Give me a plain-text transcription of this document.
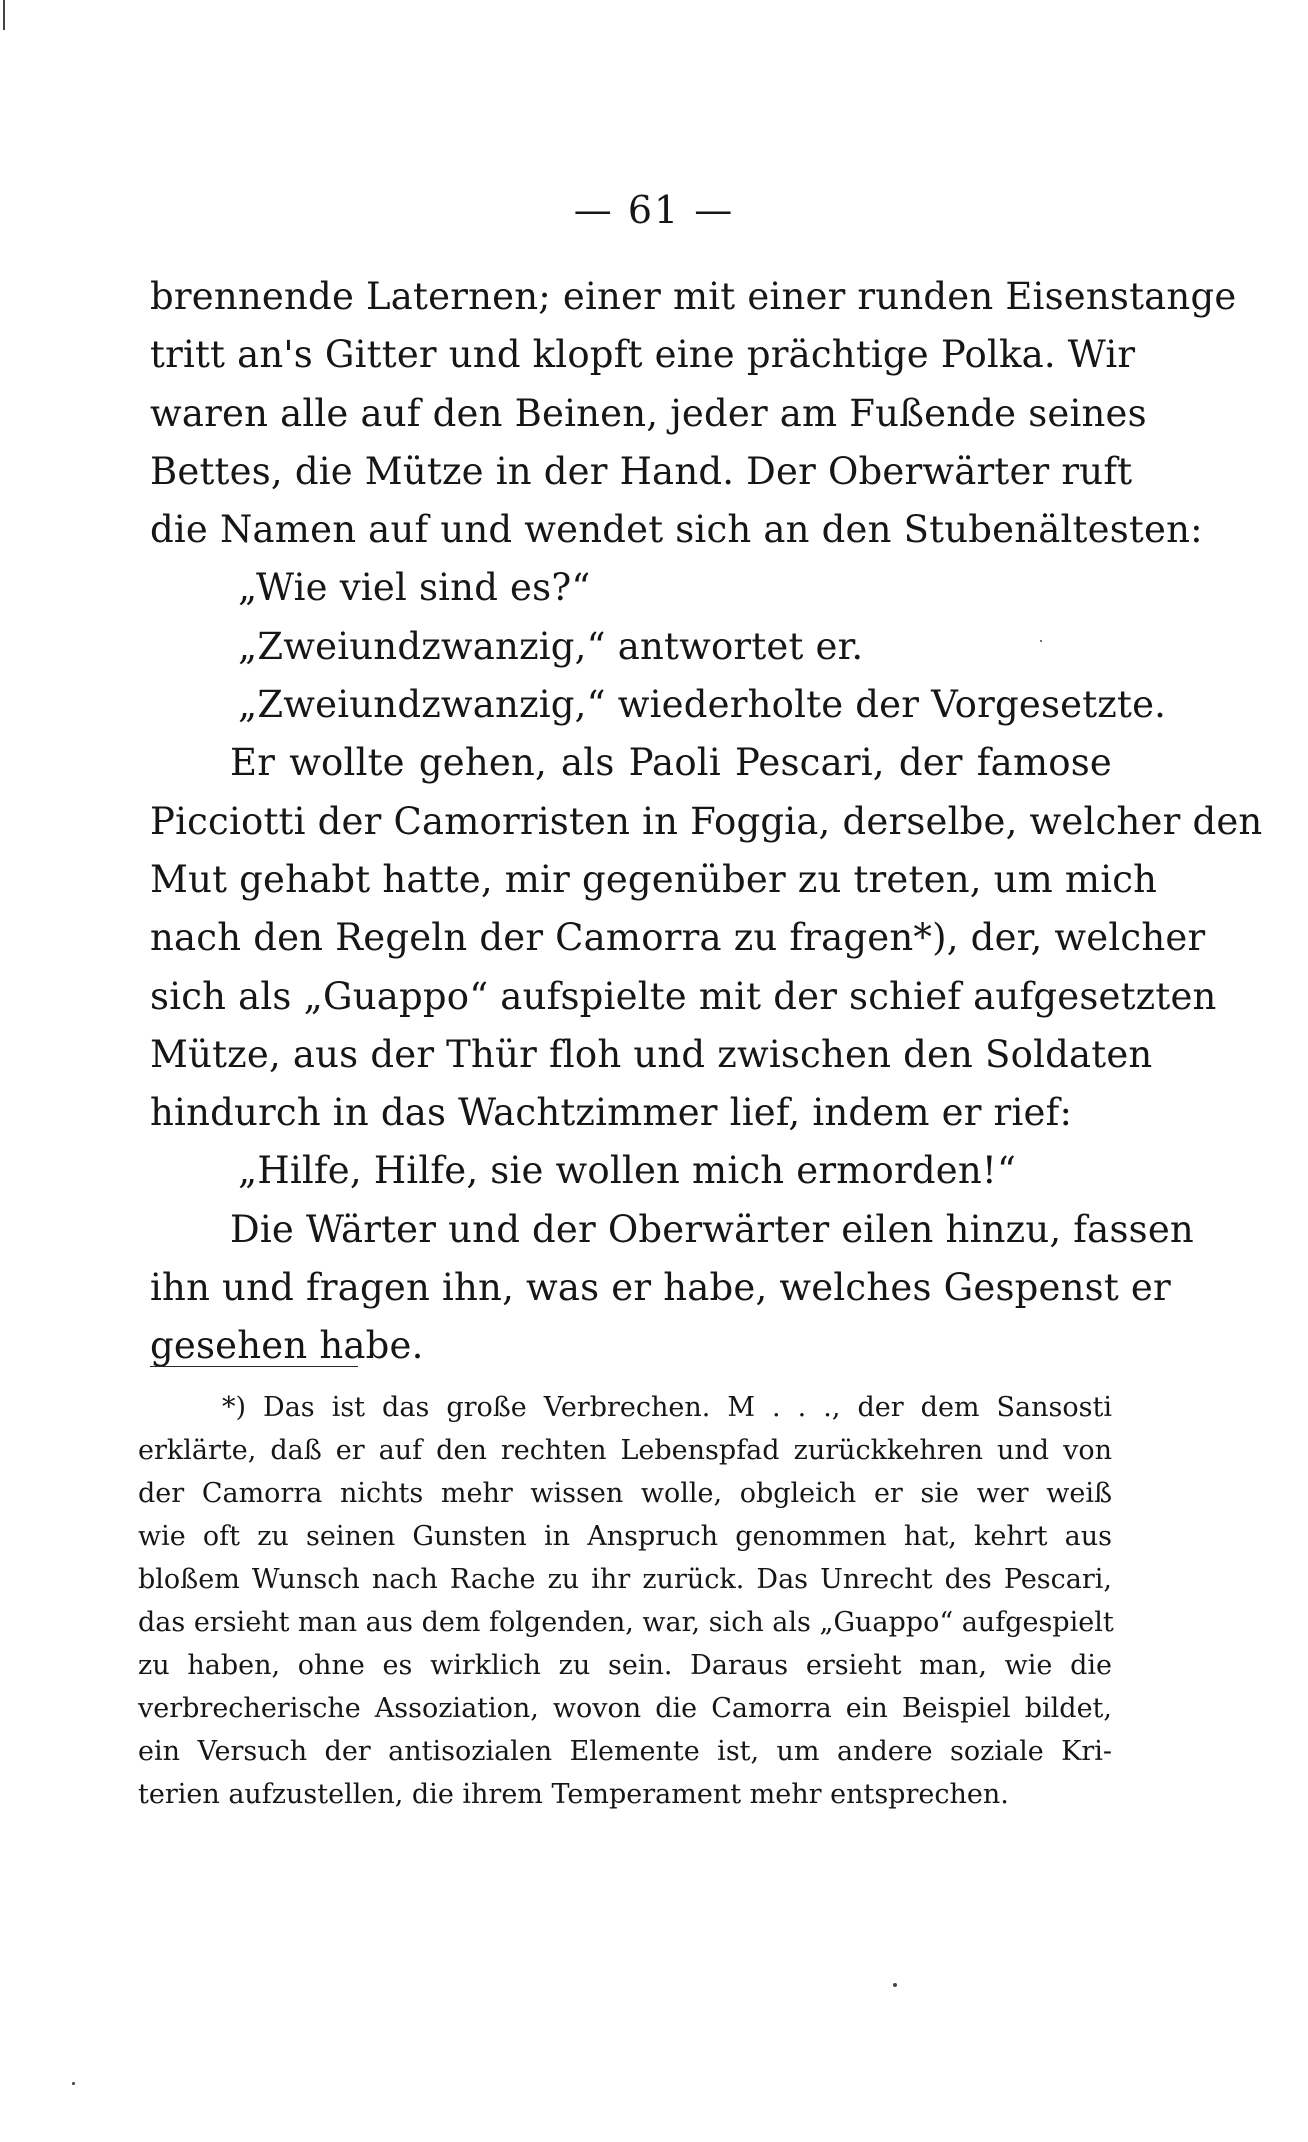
— 61 —
brennende Laternen; einer mit einer runden Eisenstange
tritt an's Gitter und klopft eine prächtige Polka. Wir
waren alle auf den Beinen, jeder am Fußende seines
Bettes, die Mütze in der Hand. Der Oberwärter ruft
die Namen auf und wendet sich an den Stubenältesten:
„Wie viel sind es?“
„Zweiundzwanzig,“ antwortet er.
„Zweiundzwanzig,“ wiederholte der Vorgesetzte.
Er wollte gehen, als Paoli Pescari, der famose
Picciotti der Camorristen in Foggia, derselbe, welcher den
Mut gehabt hatte, mir gegenüber zu treten, um mich
nach den Regeln der Camorra zu fragen*), der, welcher
sich als „Guappo“ aufspielte mit der schief aufgesetzten
Mütze, aus der Thür floh und zwischen den Soldaten
hindurch in das Wachtzimmer lief, indem er rief:
„Hilfe, Hilfe, sie wollen mich ermorden!“
Die Wärter und der Oberwärter eilen hinzu, fassen
ihn und fragen ihn, was er habe, welches Gespenst er
gesehen habe.
*) Das ist das große Verbrechen. M . . ., der dem Sansosti
erklärte, daß er auf den rechten Lebenspfad zurückkehren und von
der Camorra nichts mehr wissen wolle, obgleich er sie wer weiß
wie oft zu seinen Gunsten in Anspruch genommen hat, kehrt aus
bloßem Wunsch nach Rache zu ihr zurück. Das Unrecht des Pescari,
das ersieht man aus dem folgenden, war, sich als „Guappo“ aufgespielt
zu haben, ohne es wirklich zu sein. Daraus ersieht man, wie die
verbrecherische Assoziation, wovon die Camorra ein Beispiel bildet,
ein Versuch der antisozialen Elemente ist, um andere soziale Kri-
terien aufzustellen, die ihrem Temperament mehr entsprechen.
